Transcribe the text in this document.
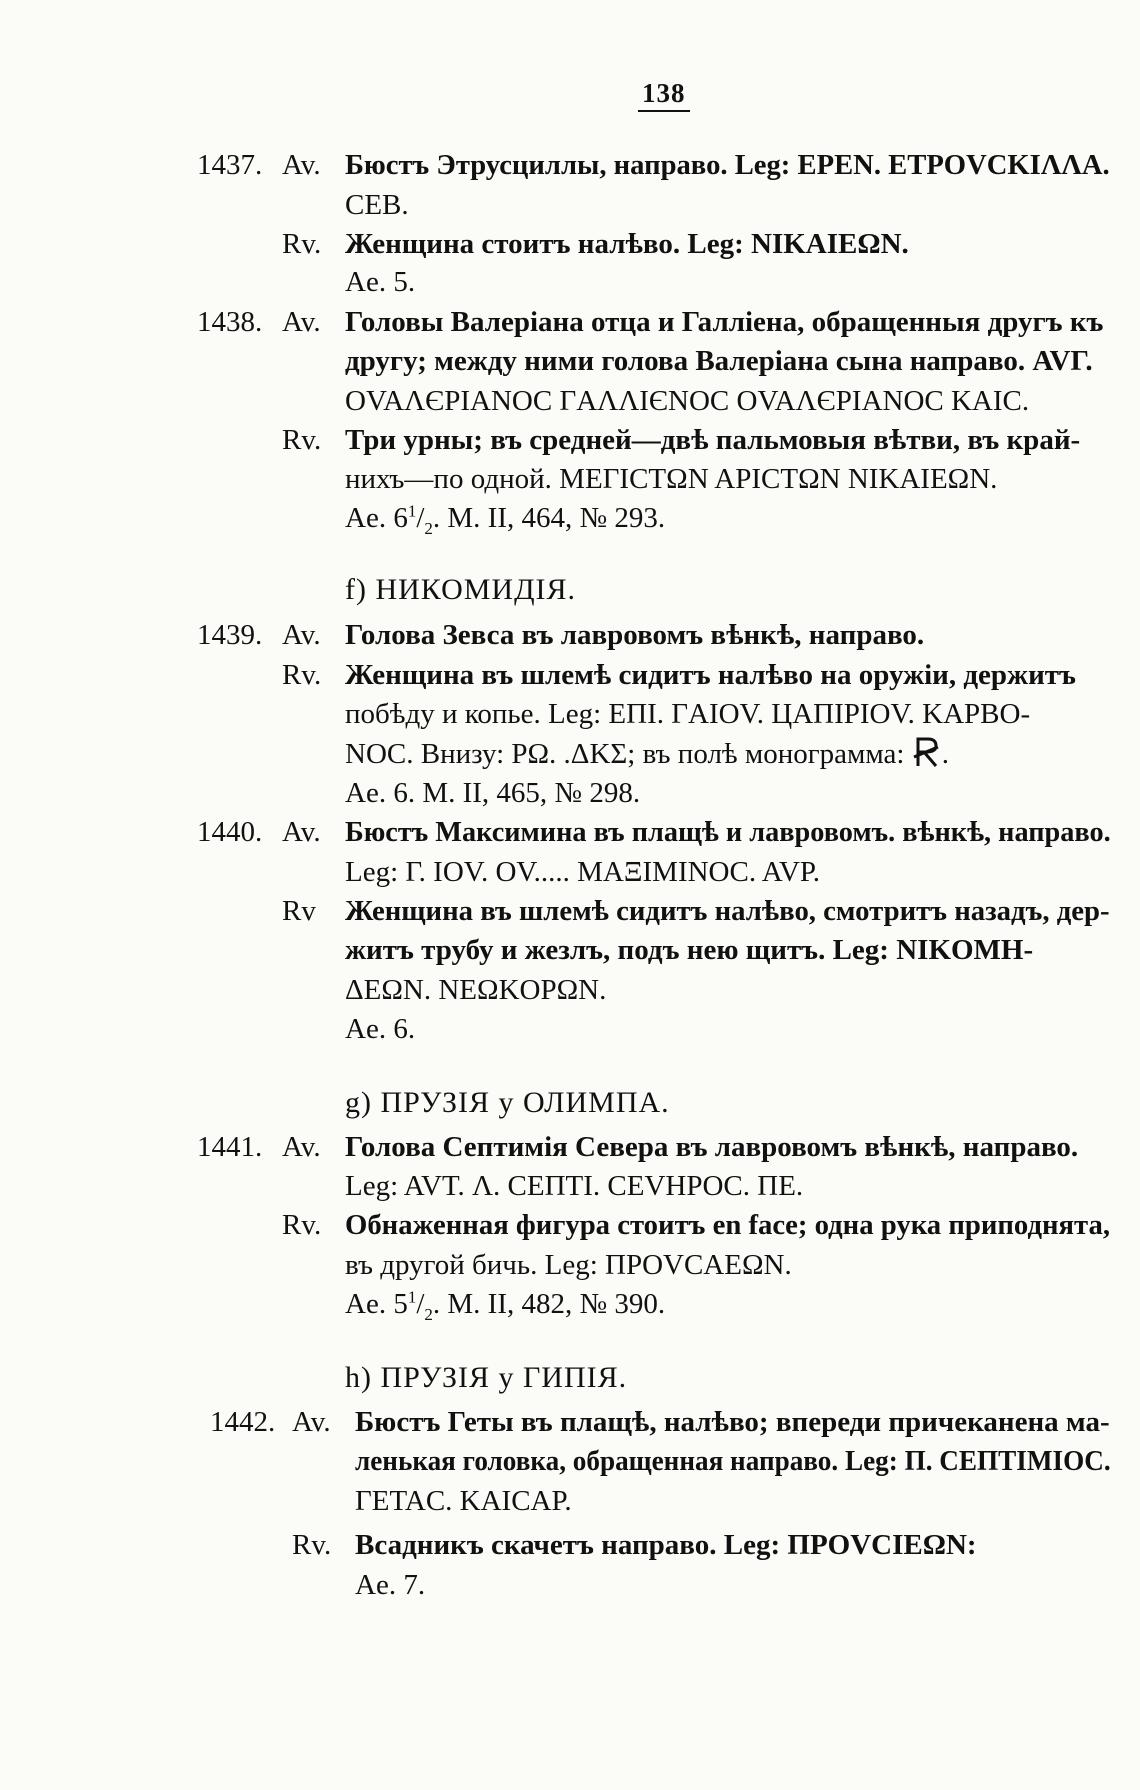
138
1437. Av. Бюстъ Этрусциллы, направо. Leg: EPEN. ETPOVCKIΛΛA.
CEB.
Rv. Женщина стоитъ налѣво. Leg: NIKAIEΩN.
Ae. 5.
1438. Av. Головы Валеріана отца и Галліена, обращенныя другъ къ
другу; между ними голова Валеріана сына направо. AVΓ.
OVAΛЄPIANOC ΓAΛΛIЄNOC OVAΛЄPIANOC KAIC.
Rv. Три урны; въ средней—двѣ пальмовыя вѣтви, въ край-
нихъ—по одной. MEΓICTΩN APICTΩN NIKAIEΩN.
Ae. $6^1/_2$. M. II, 464, № 293.
f) НИКОМИДІЯ.
1439. Av. Голова Зевса въ лавровомъ вѣнкѣ, направо.
Rv. Женщина въ шлемѣ сидитъ налѣво на оружіи, держитъ
побѣду и копье. Leg: EΠI. ΓAIOV. ЦAΠIPIOV. KAPBO-
NOC. Внизу: PΩ. .ΔKΣ; въ полѣ монограмма: .
Ae. 6. M. II, 465, № 298.
1440. Av. Бюстъ Максимина въ плащѣ и лавровомъ. вѣнкѣ, направо.
Leg: Γ. IOV. OV..... MAΞIMINOC. AVP.
Rv Женщина въ шлемѣ сидитъ налѣво, смотритъ назадъ, дер-
житъ трубу и жезлъ, подъ нею щитъ. Leg: NIKOMH-
ΔEΩN. NEΩKOPΩN.
Ae. 6.
g) ПРУЗІЯ у ОЛИМПА.
1441. Av. Голова Септимія Севера въ лавровомъ вѣнкѣ, направо.
Leg: AVT. Λ. CEΠTI. CEVHPOC. ΠE.
Rv. Обнаженная фигура стоитъ en face; одна рука приподнята,
въ другой бичь. Leg: ΠPOVCAEΩN.
Ae. $5^1/_2$. M. II, 482, № 390.
h) ПРУЗІЯ у ГИПІЯ.
1442. Av. Бюстъ Геты въ плащѣ, налѣво; впереди причеканена ма-
ленькая головка, обращенная направо. Leg: Π. CEΠTIMIOC.
ΓETAC. KAICAP.
Rv. Всадникъ скачетъ направо. Leg: ΠPOVCIEΩN:
Ae. 7.
